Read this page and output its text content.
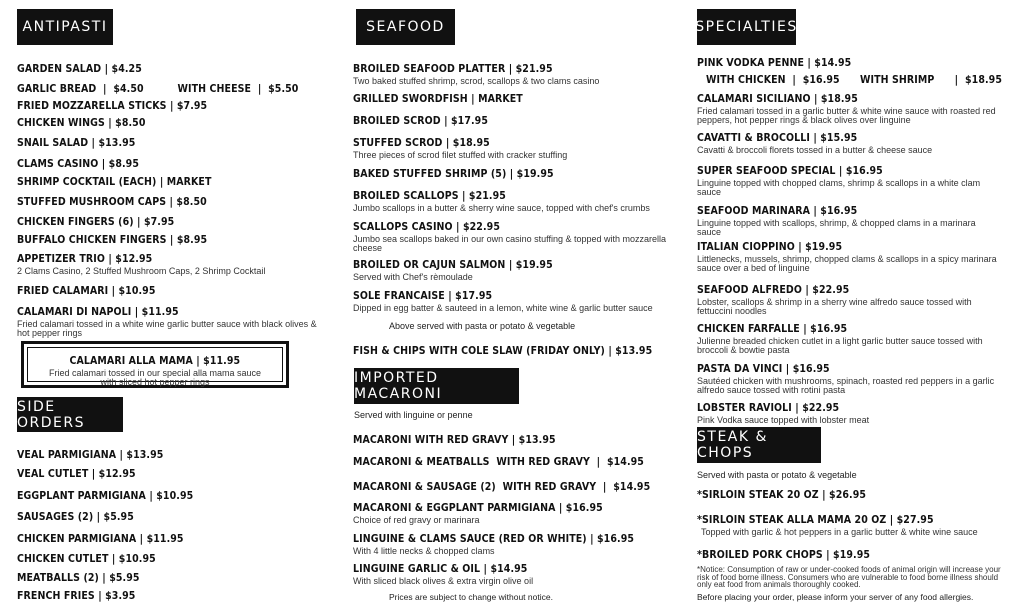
ANTIPASTI
GARDEN SALAD | $4.25
GARLIC BREAD  |  $4.50          WITH CHEESE  |  $5.50
FRIED MOZZARELLA STICKS | $7.95
CHICKEN WINGS | $8.50
SNAIL SALAD | $13.95
CLAMS CASINO | $8.95
SHRIMP COCKTAIL (EACH) | MARKET
STUFFED MUSHROOM CAPS | $8.50
CHICKEN FINGERS (6) | $7.95
BUFFALO CHICKEN FINGERS | $8.95
APPETIZER TRIO | $12.95
2 Clams Casino, 2 Stuffed Mushroom Caps, 2 Shrimp Cocktail
FRIED CALAMARI | $10.95
CALAMARI DI NAPOLI | $11.95
Fried calamari tossed in a white wine garlic butter sauce with black olives & hot pepper rings
CALAMARI ALLA MAMA | $11.95
Fried calamari tossed in our special alla mama sauce with sliced hot pepper rings
SIDE ORDERS
VEAL PARMIGIANA | $13.95
VEAL CUTLET | $12.95
EGGPLANT PARMIGIANA | $10.95
SAUSAGES (2) | $5.95
CHICKEN PARMIGIANA | $11.95
CHICKEN CUTLET | $10.95
MEATBALLS (2) | $5.95
FRENCH FRIES | $3.95
SEAFOOD
BROILED SEAFOOD PLATTER | $21.95
Two baked stuffed shrimp, scrod, scallops & two clams casino
GRILLED SWORDFISH | MARKET
BROILED SCROD | $17.95
STUFFED SCROD | $18.95
Three pieces of scrod filet stuffed with cracker stuffing
BAKED STUFFED SHRIMP (5) | $19.95
BROILED SCALLOPS | $21.95
Jumbo scallops in a butter & sherry wine sauce, topped with chef's crumbs
SCALLOPS CASINO | $22.95
Jumbo sea scallops baked in our own casino stuffing & topped with mozzarella cheese
BROILED OR CAJUN SALMON | $19.95
Served with Chef's rèmoulade
SOLE FRANCAISE | $17.95
Dipped in egg batter & sauteed in a lemon, white wine & garlic butter sauce
Above served with pasta or potato & vegetable
FISH & CHIPS WITH COLE SLAW (FRIDAY ONLY) | $13.95
IMPORTED MACARONI
Served with linguine or penne
MACARONI WITH RED GRAVY | $13.95
MACARONI & MEATBALLS  WITH RED GRAVY  |  $14.95
MACARONI & SAUSAGE (2)  WITH RED GRAVY  |  $14.95
MACARONI & EGGPLANT PARMIGIANA | $16.95
Choice of red gravy or marinara
LINGUINE & CLAMS SAUCE (RED OR WHITE) | $16.95
With 4 little necks & chopped clams
LINGUINE GARLIC & OIL | $14.95
With sliced black olives & extra virgin olive oil
Prices are subject to change without notice.
SPECIALTIES
PINK VODKA PENNE | $14.95
WITH CHICKEN  |  $16.95      WITH SHRIMP      |  $18.95
CALAMARI SICILIANO | $18.95
Fried calamari tossed in a garlic butter & white wine sauce with roasted red peppers, hot pepper rings & black olives over linguine
CAVATTI & BROCOLLI | $15.95
Cavatti & broccoli florets tossed in a butter & cheese sauce
SUPER SEAFOOD SPECIAL | $16.95
Linguine topped with chopped clams, shrimp & scallops in a white clam sauce
SEAFOOD MARINARA | $16.95
Linguine topped with scallops, shrimp, & chopped clams in a marinara sauce
ITALIAN CIOPPINO | $19.95
Littlenecks, mussels, shrimp, chopped clams & scallops in a spicy marinara sauce over a bed of linguine
SEAFOOD ALFREDO | $22.95
Lobster, scallops & shrimp in a sherry wine alfredo sauce tossed with fettuccini noodles
CHICKEN FARFALLE | $16.95
Julienne breaded chicken cutlet in a light garlic butter sauce tossed with broccoli & bowtie pasta
PASTA DA VINCI | $16.95
Sautéed chicken with mushrooms, spinach, roasted red peppers in a garlic alfredo sauce tossed with rotini pasta
LOBSTER RAVIOLI | $22.95
Pink Vodka sauce topped with lobster meat
STEAK & CHOPS
Served with pasta or potato & vegetable
*SIRLOIN STEAK 20 OZ | $26.95
*SIRLOIN STEAK ALLA MAMA 20 OZ | $27.95
Topped with garlic & hot peppers in a garlic butter & white wine sauce
*BROILED PORK CHOPS | $19.95
*Notice: Consumption of raw or under-cooked foods of animal origin will increase your risk of food borne illness. Consumers who are vulnerable to food borne illness should only eat food from animals thoroughly cooked.
Before placing your order, please inform your server of any food allergies.
